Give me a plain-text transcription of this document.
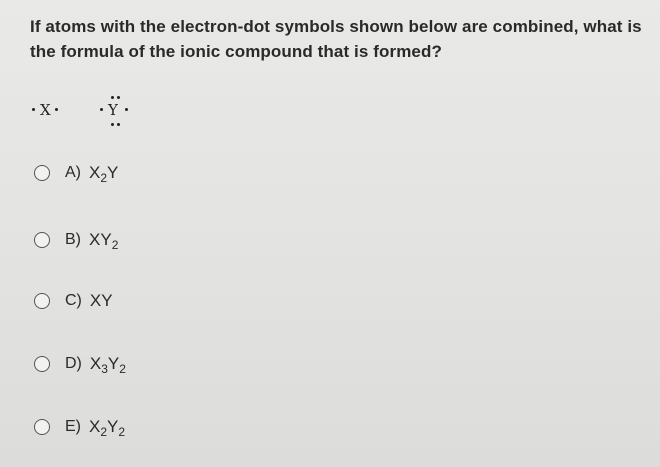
If atoms with the electron-dot symbols shown below are combined, what is the formula of the ionic compound that is formed?
X	Y
A) $X_2Y$
B) $XY_2$
C) XY
D) $X_3Y_2$
E) $X_2Y_2$
